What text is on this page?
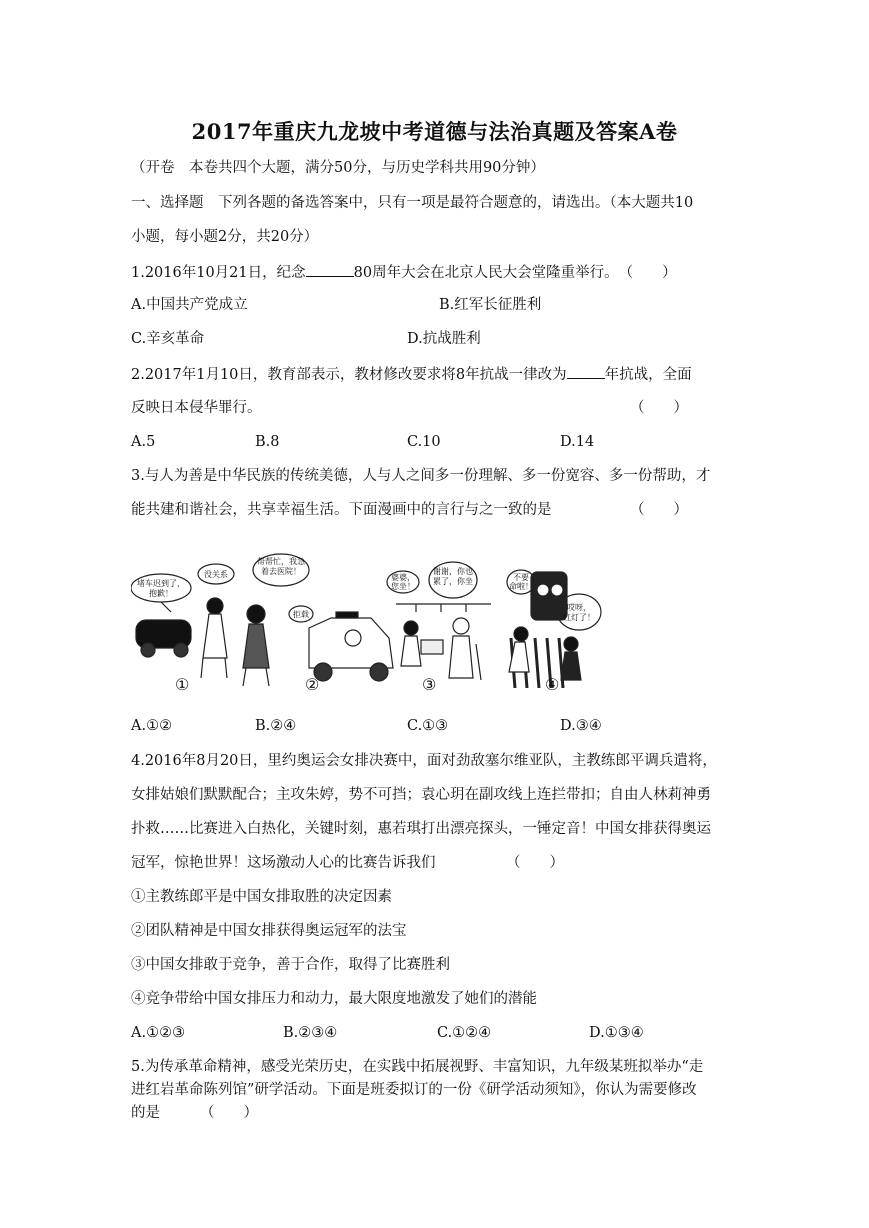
2017年重庆九龙坡中考道德与法治真题及答案A卷
（开卷　本卷共四个大题，满分50分，与历史学科共用90分钟）
一、选择题　下列各题的备选答案中，只有一项是最符合题意的，请选出。（本大题共10
小题，每小题2分，共20分）
1.2016年10月21日，纪念	80周年大会在北京人民大会堂隆重举行。　（　　）
A.中国共产党成立	B.红军长征胜利
C.辛亥革命	D.抗战胜利
2.2017年1月10日，教育部表示，教材修改要求将8年抗战一律改为	年抗战，全面
反映日本侵华罪行。	（　　）
A.5	B.8	C.10	D.14
3.与人为善是中华民族的传统美德，人与人之间多一份理解、多一份宽容、多一份帮助，才
能共建和谐社会，共享幸福生活。下面漫画中的言行与之一致的是	（　　）
堵车迟到了，
抱歉！
没关系
帮帮忙，我急
着去医院！
拒载
婆婆，
您坐！
谢谢，你也
累了，你坐	不要
命啦！
哎呀，
红灯了！
①	②	③	④
A.①②	B.②④	C.①③	D.③④
4.2016年8月20日，里约奥运会女排决赛中，面对劲敌塞尔维亚队，主教练郎平调兵遣将，
女排姑娘们默默配合；主攻朱婷，势不可挡；袁心玥在副攻线上连拦带扣；自由人林莉神勇
扑救……比赛进入白热化，关键时刻，惠若琪打出漂亮探头，一锤定音！中国女排获得奥运
冠军，惊艳世界！这场激动人心的比赛告诉我们	（　　）
①主教练郎平是中国女排取胜的决定因素
②团队精神是中国女排获得奥运冠军的法宝
③中国女排敢于竞争，善于合作，取得了比赛胜利
④竞争带给中国女排压力和动力，最大限度地激发了她们的潜能
A.①②③	B.②③④	C.①②④	D.①③④
5.为传承革命精神，感受光荣历史，在实践中拓展视野、丰富知识，九年级某班拟举办“走
进红岩革命陈列馆”研学活动。下面是班委拟订的一份《研学活动须知》，你认为需要修改
的是	（　　）
